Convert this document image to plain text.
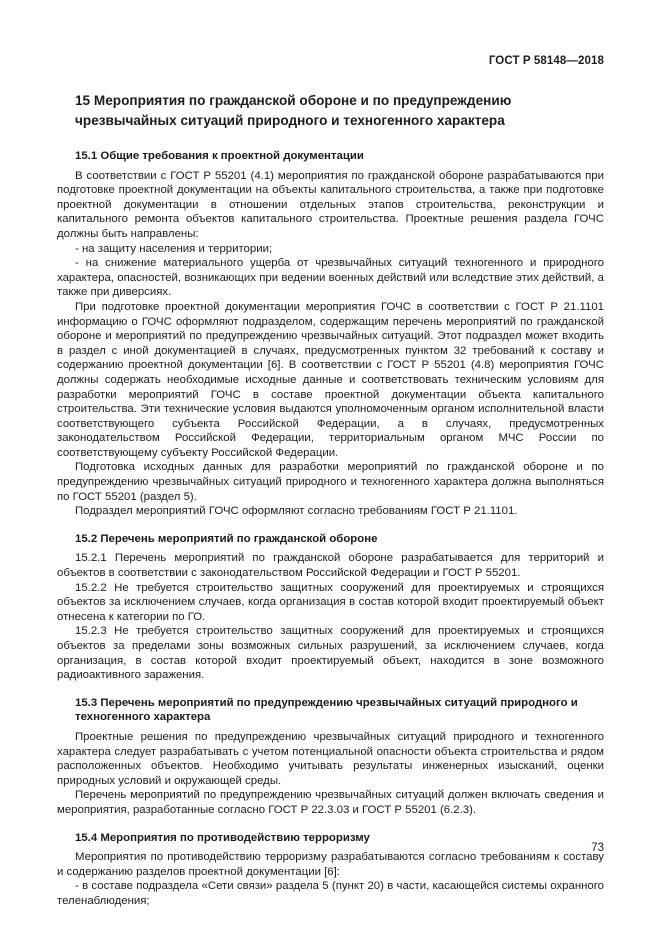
ГОСТ Р 58148—2018
15 Мероприятия по гражданской обороне и по предупреждению чрезвычайных ситуаций природного и техногенного характера
15.1 Общие требования к проектной документации

В соответствии с ГОСТ Р 55201 (4.1) мероприятия по гражданской обороне разрабатываются при подготовке проектной документации на объекты капитального строительства, а также при подготовке проектной документации в отношении отдельных этапов строительства, реконструкции и капитального ремонта объектов капитального строительства. Проектные решения раздела ГОЧС должны быть направлены:

- на защиту населения и территории;

- на снижение материального ущерба от чрезвычайных ситуаций техногенного и природного характера, опасностей, возникающих при ведении военных действий или вследствие этих действий, а также при диверсиях.

При подготовке проектной документации мероприятия ГОЧС в соответствии с ГОСТ Р 21.1101 информацию о ГОЧС оформляют подразделом, содержащим перечень мероприятий по гражданской обороне и мероприятий по предупреждению чрезвычайных ситуаций. Этот подраздел может входить в раздел с иной документацией в случаях, предусмотренных пунктом 32 требований к составу и содержанию проектной документации [6]. В соответствии с ГОСТ Р 55201 (4.8) мероприятия ГОЧС должны содержать необходимые исходные данные и соответствовать техническим условиям для разработки мероприятий ГОЧС в составе проектной документации объекта капитального строительства. Эти технические условия выдаются уполномоченным органом исполнительной власти соответствующего субъекта Российской Федерации, а в случаях, предусмотренных законодательством Российской Федерации, территориальным органом МЧС России по соответствующему субъекту Российской Федерации.

Подготовка исходных данных для разработки мероприятий по гражданской обороне и по предупреждению чрезвычайных ситуаций природного и техногенного характера должна выполняться по ГОСТ 55201 (раздел 5).

Подраздел мероприятий ГОЧС оформляют согласно требованиям ГОСТ Р 21.1101.

15.2 Перечень мероприятий по гражданской обороне

15.2.1 Перечень мероприятий по гражданской обороне разрабатывается для территорий и объектов в соответствии с законодательством Российской Федерации и ГОСТ Р 55201.

15.2.2 Не требуется строительство защитных сооружений для проектируемых и строящихся объектов за исключением случаев, когда организация в состав которой входит проектируемый объект отнесена к категории по ГО.

15.2.3 Не требуется строительство защитных сооружений для проектируемых и строящихся объектов за пределами зоны возможных сильных разрушений, за исключением случаев, когда организация, в состав которой входит проектируемый объект, находится в зоне возможного радиоактивного заражения.

15.3 Перечень мероприятий по предупреждению чрезвычайных ситуаций природного и техногенного характера

Проектные решения по предупреждению чрезвычайных ситуаций природного и техногенного характера следует разрабатывать с учетом потенциальной опасности объекта строительства и рядом расположенных объектов. Необходимо учитывать результаты инженерных изысканий, оценки природных условий и окружающей среды.

Перечень мероприятий по предупреждению чрезвычайных ситуаций должен включать сведения и мероприятия, разработанные согласно ГОСТ Р 22.3.03 и ГОСТ Р 55201 (6.2.3).

15.4 Мероприятия по противодействию терроризму

Мероприятия по противодействию терроризму разрабатываются согласно требованиям к составу и содержанию разделов проектной документации [6]:

- в составе подраздела «Сети связи» раздела 5 (пункт 20) в части, касающейся системы охранного теленаблюдения;

73
